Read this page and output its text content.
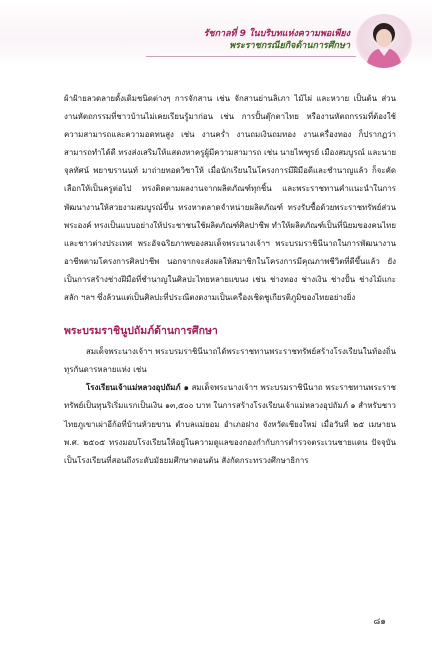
รัชกาลที่ 9 ในบริบทแห่งความพอเพียง
พระราชกรณียกิจด้านการศึกษา

ผ้าฝ้ายลวดลายดั้งเดิมชนิดต่างๆ การจักสาน เช่น จักสานย่านลิเภา ไม้ไผ่ และหวาย เป็นต้น ส่วนงานหัตถกรรมที่ชาวบ้านไม่เคยเรียนรู้มาก่อน เช่น การปั้นตุ๊กตาไทย หรืองานหัตถกรรมที่ต้องใช้ความสามารถและความอดทนสูง เช่น งานคร่ำ งานถมเงินถมทอง งานเครื่องทอง ก็ปรากฏว่าสามารถทำได้ดี ทรงส่งเสริมให้แสดงหาครูผู้มีความสามารถ เช่น นายไพฑูรย์ เมืองสมบูรณ์ และนายจุลทัศน์ พยาฆรานนท์ มาถ่ายทอดวิชาให้ เมื่อนักเรียนในโครงการมีฝีมือดีและชำนาญแล้ว ก็จะคัดเลือกให้เป็นครูต่อไป ทรงติดตามผลงานจากผลิตภัณฑ์ทุกชิ้น และพระราชทานคำแนะนำในการพัฒนางานให้สวยงามสมบูรณ์ขึ้น ทรงหาตลาดจำหน่ายผลิตภัณฑ์ ทรงรับซื้อด้วยพระราชทรัพย์ส่วนพระองค์ ทรงเป็นแบบอย่างให้ประชาชนใช้ผลิตภัณฑ์ศิลปาชีพ ทำให้ผลิตภัณฑ์เป็นที่นิยมของคนไทยและชาวต่างประเทศ พระอัจฉริยภาพของสมเด็จพระนางเจ้าฯ พระบรมราชินีนาถในการพัฒนางานอาชีพตามโครงการศิลปาชีพ นอกจากจะส่งผลให้สมาชิกในโครงการมีคุณภาพชีวิตที่ดีขึ้นแล้ว ยังเป็นการสร้างช่างฝีมือที่ชำนาญในศิลปะไทยหลายแขนง เช่น ช่างทอง ช่างเงิน ช่างปั้น ช่างไม้แกะสลัก ฯลฯ ซึ่งล้วนแต่เป็นศิลปะที่ประณีตงดงามเป็นเครื่องเชิดชูเกียรติภูมิของไทยอย่างยิ่ง

พระบรมราชินูปถัมภ์ด้านการศึกษา

สมเด็จพระนางเจ้าฯ พระบรมราชินีนาถได้พระราชทานพระราชทรัพย์สร้างโรงเรียนในท้องถิ่นทุรกันดารหลายแห่ง เช่น

โรงเรียนเจ้าแม่หลวงอุปถัมภ์ ๑ สมเด็จพระนางเจ้าฯ พระบรมราชินีนาถ พระราชทานพระราชทรัพย์เป็นทุนริเริ่มแรกเป็นเงิน ๑๓,๕๐๐ บาท ในการสร้างโรงเรียนเจ้าแม่หลวงอุปถัมภ์ ๑ สำหรับชาวไทยภูเขาเผ่าอีก้อที่บ้านห้วยขาน ตำบลแม่ยอม อำเภอฝาง จังหวัดเชียงใหม่ เมื่อวันที่ ๒๕ เมษายน พ.ศ. ๒๕๐๕ ทรงมอบโรงเรียนให้อยู่ในความดูแลของกองกำกับการตำรวจตระเวนชายแดน ปัจจุบันเป็นโรงเรียนที่สอนถึงระดับมัธยมศึกษาตอนต้น สังกัดกระทรวงศึกษาธิการ

๘๑
